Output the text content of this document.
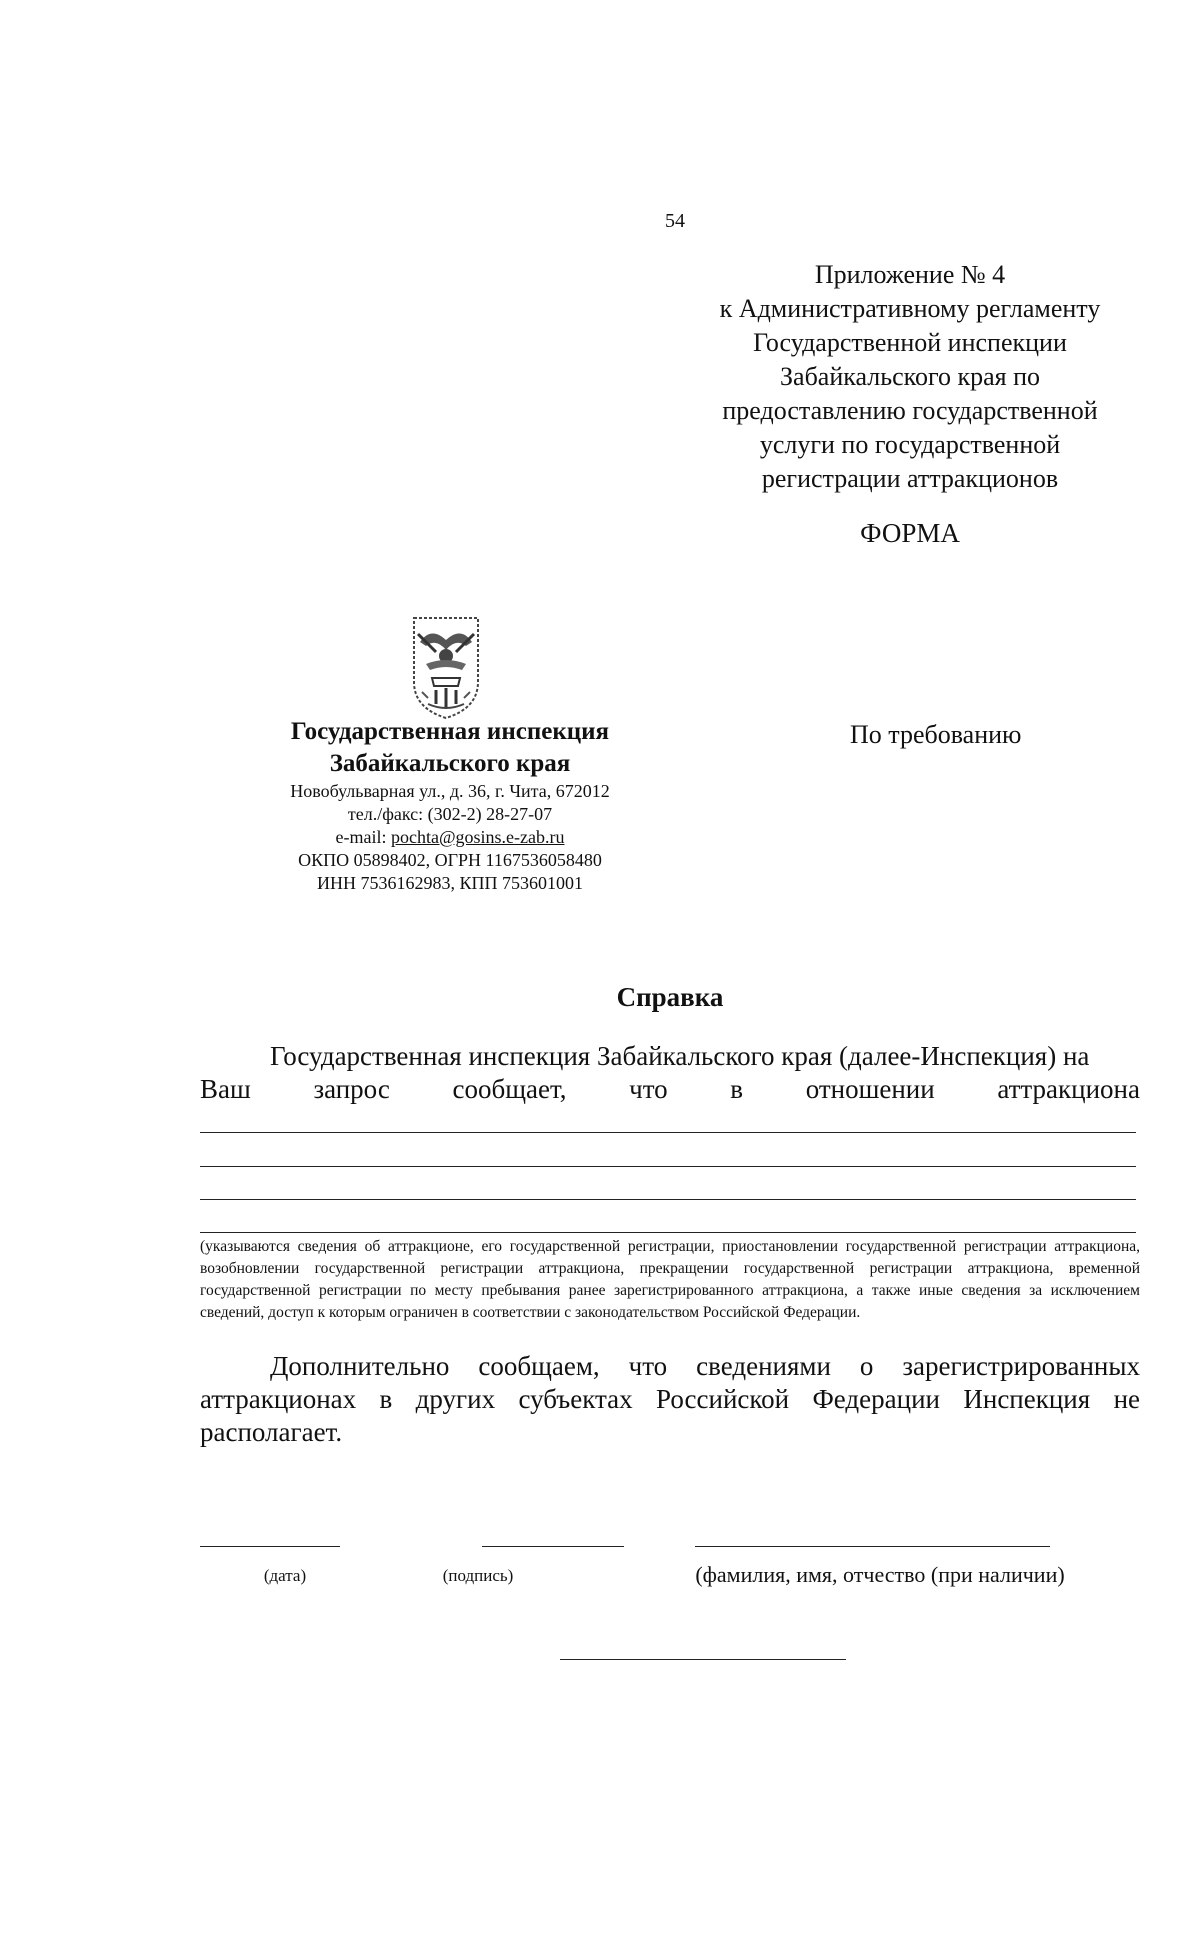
54
Приложение № 4
к Административному регламенту
Государственной инспекции
Забайкальского края по
предоставлению государственной
услуги по государственной
регистрации аттракционов
ФОРМА
Государственная инспекция
Забайкальского края
Новобульварная ул., д. 36, г. Чита, 672012
тел./факс: (302-2) 28-27-07
e-mail: pochta@gosins.e-zab.ru
ОКПО 05898402, ОГРН 1167536058480
ИНН 7536162983, КПП 753601001
По требованию
Справка
Государственная инспекция Забайкальского края (далее-Инспекция) на
Ваш запрос сообщает, что в отношении аттракциона
(указываются сведения об аттракционе, его государственной регистрации, приостановлении государственной регистрации аттракциона, возобновлении государственной регистрации аттракциона, прекращении государственной регистрации аттракциона, временной государственной регистрации по месту пребывания ранее зарегистрированного аттракциона, а также иные сведения за исключением сведений, доступ к которым ограничен в соответствии с законодательством Российской Федерации.
Дополнительно сообщаем, что сведениями о зарегистрированных аттракционах в других субъектах Российской Федерации Инспекция не располагает.
(дата)	(подпись)	(фамилия, имя, отчество (при наличии)
